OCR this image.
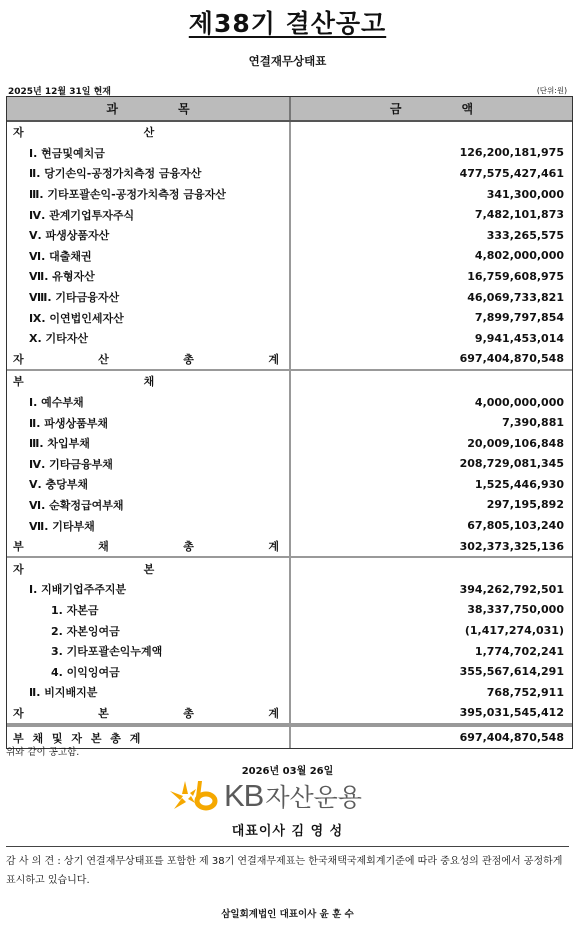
제38기 결산공고
연결재무상태표
2025년 12월 31일 현재	(단위:원)
과목	금액
자	산
Ⅰ. 현금및예치금	126,200,181,975
Ⅱ. 당기손익-공정가치측정 금융자산	477,575,427,461
Ⅲ. 기타포괄손익-공정가치측정 금융자산	341,300,000
Ⅳ. 관계기업투자주식	7,482,101,873
Ⅴ. 파생상품자산	333,265,575
Ⅵ. 대출채권	4,802,000,000
Ⅶ. 유형자산	16,759,608,975
Ⅷ. 기타금융자산	46,069,733,821
Ⅸ. 이연법인세자산	7,899,797,854
Ⅹ. 기타자산	9,941,453,014
자	산	총	계	697,404,870,548
부	채
Ⅰ. 예수부채	4,000,000,000
Ⅱ. 파생상품부채	7,390,881
Ⅲ. 차입부채	20,009,106,848
Ⅳ. 기타금융부채	208,729,081,345
Ⅴ. 충당부채	1,525,446,930
Ⅵ. 순확정급여부채	297,195,892
Ⅶ. 기타부채	67,805,103,240
부	채	총	계	302,373,325,136
자	본
Ⅰ. 지배기업주주지분	394,262,792,501
1. 자본금	38,337,750,000
2. 자본잉여금	(1,417,274,031)
3. 기타포괄손익누계액	1,774,702,241
4. 이익잉여금	355,567,614,291
Ⅱ. 비지배지분	768,752,911
자	본	총	계	395,031,545,412
부 채 및 자 본 총 계	697,404,870,548
위와 같이 공고함.
2026년 03월 26일
KB 자산운용
대표이사 김 영 성
감 사 의 견 : 상기 연결재무상태표를 포함한 제 38기 연결재무제표는 한국채택국제회계기준에 따라 중요성의 관점에서 공정하게 표시하고 있습니다.
삼일회계법인 대표이사 윤 훈 수
